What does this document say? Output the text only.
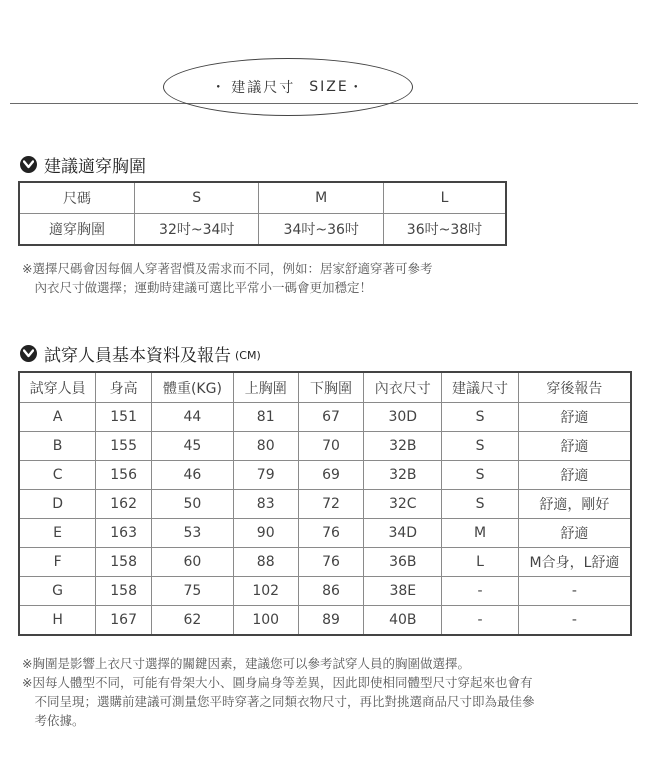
・ 建議尺寸 SIZE ・
建議適穿胸圍
尺碼	S	M	L
適穿胸圍	32吋~34吋	34吋~36吋	36吋~38吋
※選擇尺碼會因每個人穿著習慣及需求而不同，例如：居家舒適穿著可參考
　內衣尺寸做選擇；運動時建議可選比平常小一碼會更加穩定！
試穿人員基本資料及報告 (CM)
試穿人員	身高	體重(KG)	上胸圍	下胸圍	內衣尺寸	建議尺寸	穿後報告
A	151	44	81	67	30D	S	舒適
B	155	45	80	70	32B	S	舒適
C	156	46	79	69	32B	S	舒適
D	162	50	83	72	32C	S	舒適，剛好
E	163	53	90	76	34D	M	舒適
F	158	60	88	76	36B	L	M合身，L舒適
G	158	75	102	86	38E	-	-
H	167	62	100	89	40B	-	-
※胸圍是影響上衣尺寸選擇的關鍵因素，建議您可以參考試穿人員的胸圍做選擇。
※因每人體型不同，可能有骨架大小、圓身扁身等差異，因此即使相同體型尺寸穿起來也會有
　不同呈現；選購前建議可測量您平時穿著之同類衣物尺寸，再比對挑選商品尺寸即為最佳參
　考依據。
